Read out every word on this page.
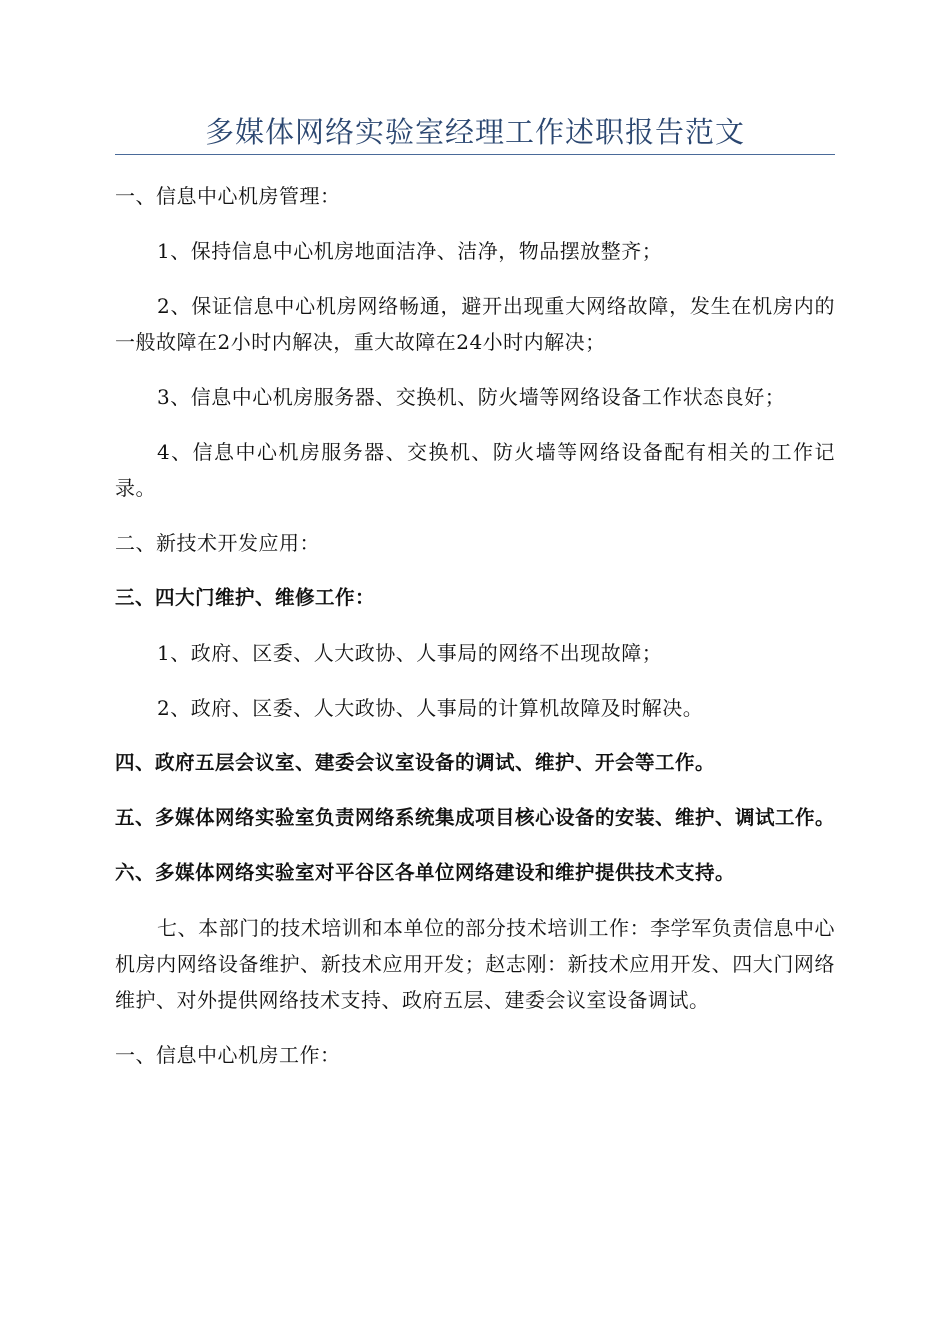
多媒体网络实验室经理工作述职报告范文

一、信息中心机房管理：

1、保持信息中心机房地面洁净、洁净，物品摆放整齐；

2、保证信息中心机房网络畅通，避开出现重大网络故障，发生在机房内的一般故障在2小时内解决，重大故障在24小时内解决；

3、信息中心机房服务器、交换机、防火墙等网络设备工作状态良好；

4、信息中心机房服务器、交换机、防火墙等网络设备配有相关的工作记录。

二、新技术开发应用：

三、四大门维护、维修工作：

1、政府、区委、人大政协、人事局的网络不出现故障；

2、政府、区委、人大政协、人事局的计算机故障及时解决。

四、政府五层会议室、建委会议室设备的调试、维护、开会等工作。

五、多媒体网络实验室负责网络系统集成项目核心设备的安装、维护、调试工作。

六、多媒体网络实验室对平谷区各单位网络建设和维护提供技术支持。

七、本部门的技术培训和本单位的部分技术培训工作：李学军负责信息中心机房内网络设备维护、新技术应用开发；赵志刚：新技术应用开发、四大门网络维护、对外提供网络技术支持、政府五层、建委会议室设备调试。

一、信息中心机房工作：
